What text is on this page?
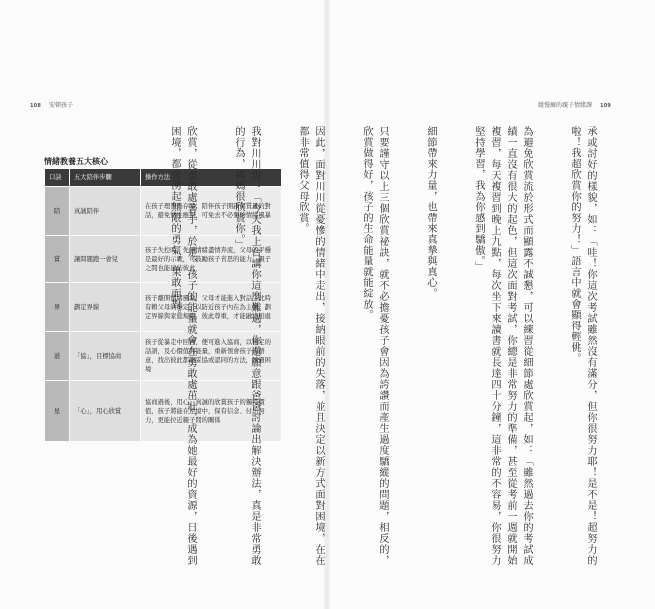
108 安頓孩子	緩慢爾的親子情緒課 109
情緒教養五大核心
口訣	五大陪伴步驟	操作方法
陪	真誠陪伴	在孩子理智尚存時，陪伴孩子開啟高質量的對話，避免情性應對，可免去不必要的情緒風暴
賞	讓問題跑一會兒	孩子失控時，先讓情緒盡情奔流，父母的平穩是最好的示範，可鼓勵孩子省思的能力，親子之間也能建結彼此
界	劃定界線	孩子離開情緒風暴，父母才能進入對話，此時有賴父母的穩定，以防近孩子內在為主軸，劃定界線與家庭規範，彼此尊重，才能融洽相處
道	「協」，目標協商	孩子從暴走中回神，便可進入協商，以穩定的話語，及心價值的能量，重新領會孩子的語意，找出彼此都能妥協或認同的方法，越過困境
星	「心」，用心欣賞	協商過後，用心，真誠的欣賞孩子的獨特價值，孩子將能在逆境中，保有信念、付出努力，更能拉近親子間的關係

	承或討好的樣貌，如：「哇！你這次考試雖然沒有滿分，但你很努力耶！是不是！超努力的啦！我超欣賞你的努力！」語言中就會顯得輕佻。

為避免欣賞流於形式而顯露不誠懇，可以練習從細節處欣賞起，如：「雖然過去你的考試成績一直沒有很大的起色，但這次面對考試，你總是非常努力的準備，甚至從考前一週就開始複習，每天複習到晚上九點，每次坐下來讀書就長達四十分鐘，這非常的不容易，你很努力堅持學習，我為你感到驕傲。」

細節帶來力量，也帶來真摯與真心。

只要謹守以上三個欣賞祕訣，就不必擔憂孩子會因為誇讚而產生過度驕縱的問題，相反的，欣賞做得好，孩子的生命能量就能綻放。

因此，面對川川從憂慘的情緒中走出，接納眼前的失落，並且決定以新方式面對困境，在在都非常值得父母欣賞。

我對川川說：「今天我上台講你這麼難過，你還願意跟爸爸討論出解決辦法，真是非常勇敢的行為，媽媽很欣賞你。」

欣賞，從勇敢處著手，於是，孩子的能量就會在勇敢處茁壯，成為她最好的資源，日後遇到困境，都會湧起無限的勇氣，果敢面對。
